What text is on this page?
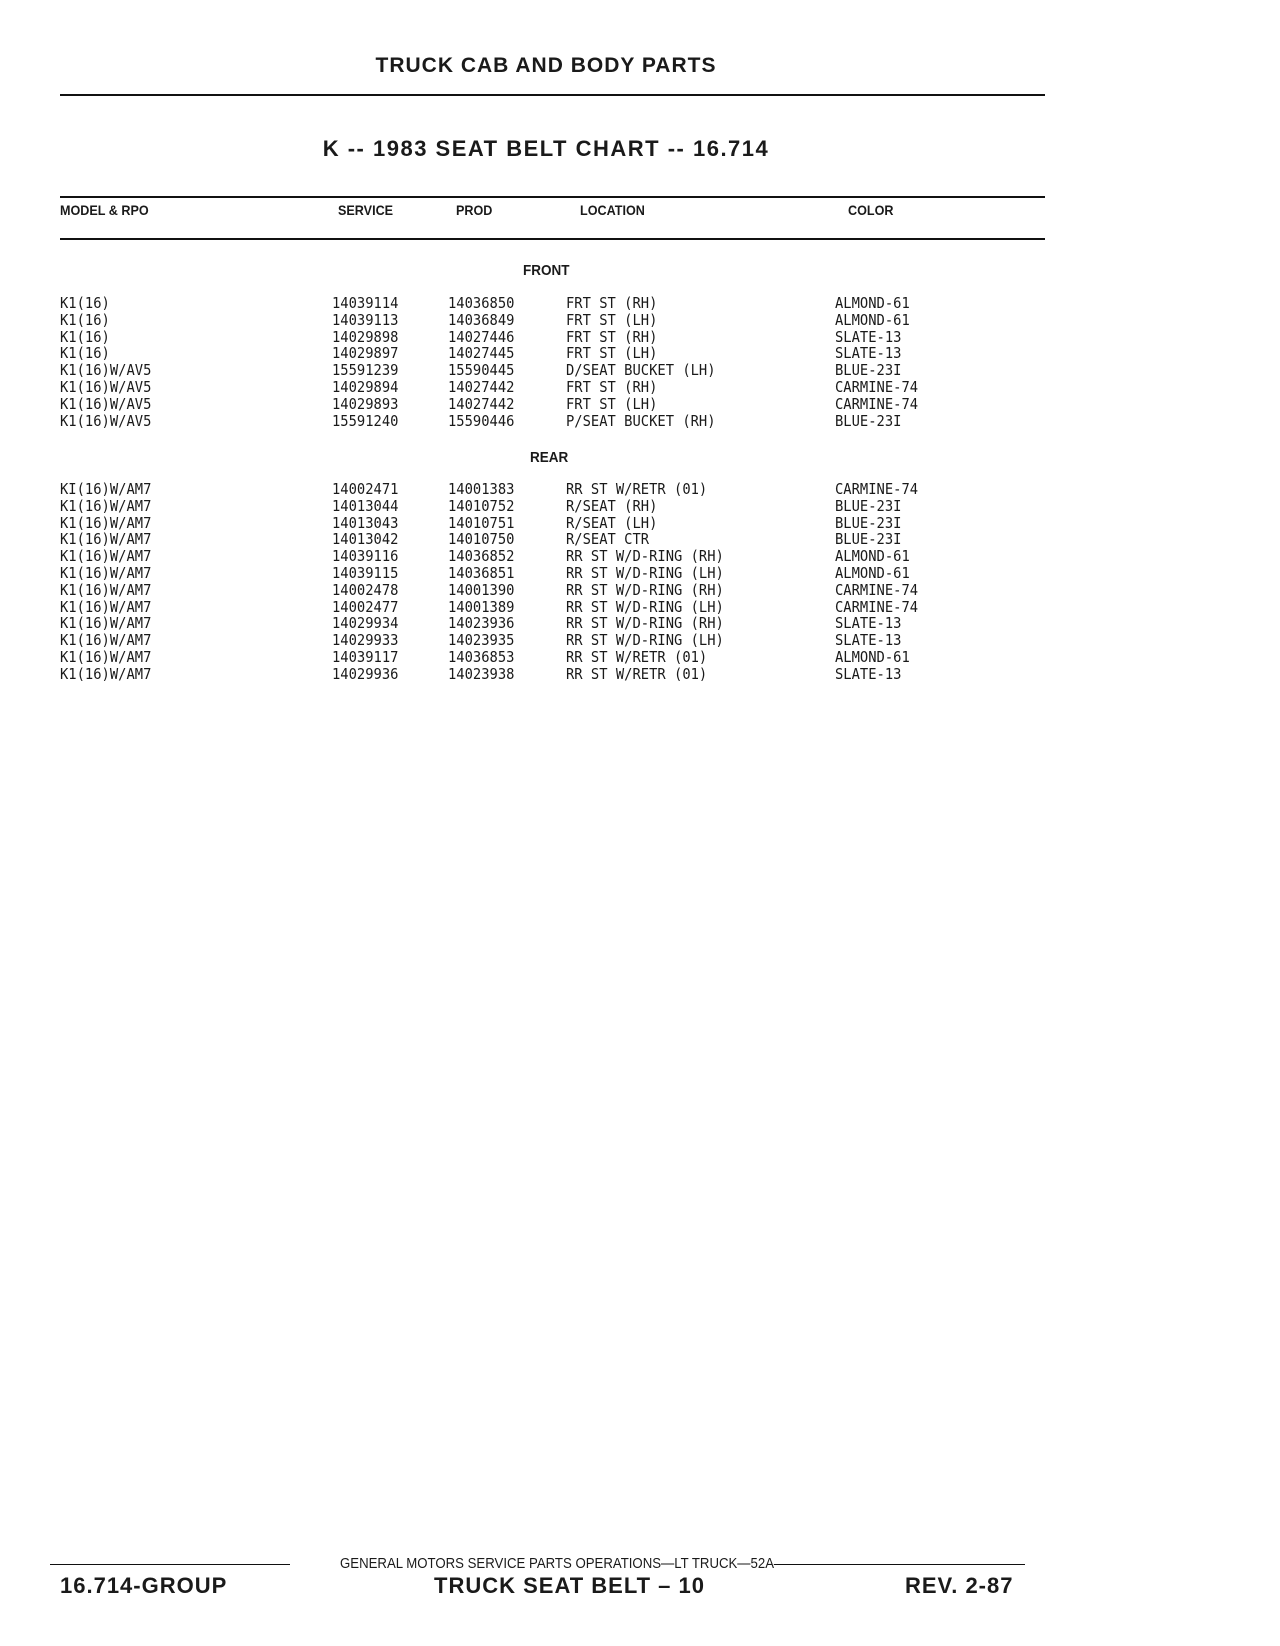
TRUCK CAB AND BODY PARTS
K -- 1983 SEAT BELT CHART -- 16.714
MODEL & RPO	SERVICE	PROD	LOCATION	COLOR
FRONT
K1(16)	14039114	14036850	FRT ST (RH)	ALMOND-61
K1(16)	14039113	14036849	FRT ST (LH)	ALMOND-61
K1(16)	14029898	14027446	FRT ST (RH)	SLATE-13
K1(16)	14029897	14027445	FRT ST (LH)	SLATE-13
K1(16)W/AV5	15591239	15590445	D/SEAT BUCKET (LH)	BLUE-23I
K1(16)W/AV5	14029894	14027442	FRT ST (RH)	CARMINE-74
K1(16)W/AV5	14029893	14027442	FRT ST (LH)	CARMINE-74
K1(16)W/AV5	15591240	15590446	P/SEAT BUCKET (RH)	BLUE-23I
REAR
KI(16)W/AM7	14002471	14001383	RR ST W/RETR (01)	CARMINE-74
K1(16)W/AM7	14013044	14010752	R/SEAT (RH)	BLUE-23I
K1(16)W/AM7	14013043	14010751	R/SEAT (LH)	BLUE-23I
K1(16)W/AM7	14013042	14010750	R/SEAT CTR	BLUE-23I
K1(16)W/AM7	14039116	14036852	RR ST W/D-RING (RH)	ALMOND-61
K1(16)W/AM7	14039115	14036851	RR ST W/D-RING (LH)	ALMOND-61
K1(16)W/AM7	14002478	14001390	RR ST W/D-RING (RH)	CARMINE-74
K1(16)W/AM7	14002477	14001389	RR ST W/D-RING (LH)	CARMINE-74
K1(16)W/AM7	14029934	14023936	RR ST W/D-RING (RH)	SLATE-13
K1(16)W/AM7	14029933	14023935	RR ST W/D-RING (LH)	SLATE-13
K1(16)W/AM7	14039117	14036853	RR ST W/RETR (01)	ALMOND-61
K1(16)W/AM7	14029936	14023938	RR ST W/RETR (01)	SLATE-13
GENERAL MOTORS SERVICE PARTS OPERATIONS—LT TRUCK—52A
16.714-GROUP	TRUCK SEAT BELT – 10	REV. 2-87
